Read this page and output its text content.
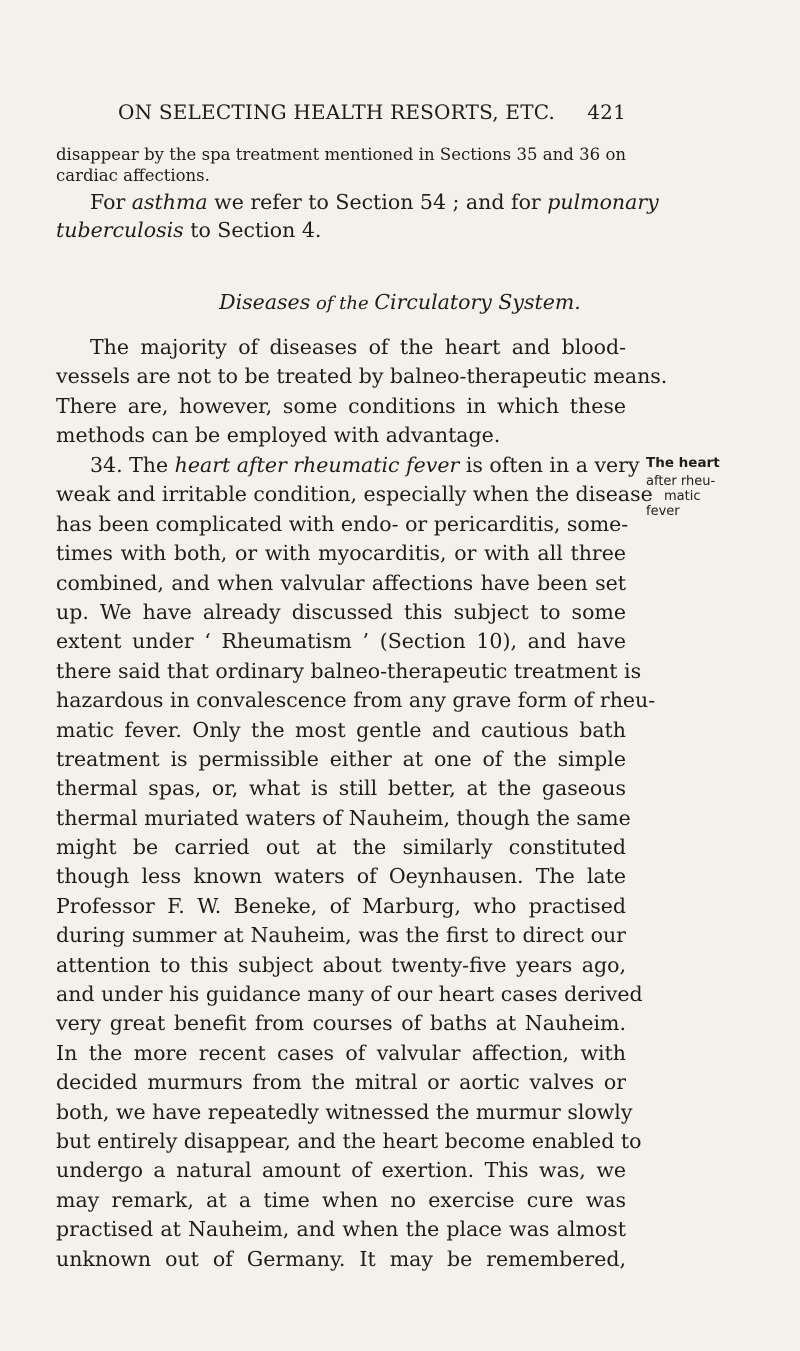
ON SELECTING HEALTH RESORTS, ETC. 421
disappear by the spa treatment mentioned in Sections 35 and 36 on
cardiac affections.
For asthma we refer to Section 54 ; and for pulmonary
tuberculosis to Section 4.
Diseases of the Circulatory System.
The majority of diseases of the heart and blood-
vessels are not to be treated by balneo-therapeutic means.
There are, however, some conditions in which these
methods can be employed with advantage.
34. The heart after rheumatic fever is often in a very
weak and irritable condition, especially when the disease
has been complicated with endo- or pericarditis, some-
times with both, or with myocarditis, or with all three
combined, and when valvular affections have been set
up. We have already discussed this subject to some
extent under ‘ Rheumatism ’ (Section 10), and have
there said that ordinary balneo-therapeutic treatment is
hazardous in convalescence from any grave form of rheu-
matic fever. Only the most gentle and cautious bath
treatment is permissible either at one of the simple
thermal spas, or, what is still better, at the gaseous
thermal muriated waters of Nauheim, though the same
might be carried out at the similarly constituted
though less known waters of Oeynhausen. The late
Professor F. W. Beneke, of Marburg, who practised
during summer at Nauheim, was the first to direct our
attention to this subject about twenty-five years ago,
and under his guidance many of our heart cases derived
very great benefit from courses of baths at Nauheim.
In the more recent cases of valvular affection, with
decided murmurs from the mitral or aortic valves or
both, we have repeatedly witnessed the murmur slowly
but entirely disappear, and the heart become enabled to
undergo a natural amount of exertion. This was, we
may remark, at a time when no exercise cure was
practised at Nauheim, and when the place was almost
unknown out of Germany. It may be remembered,
The heart
after rheu-
matic
fever
